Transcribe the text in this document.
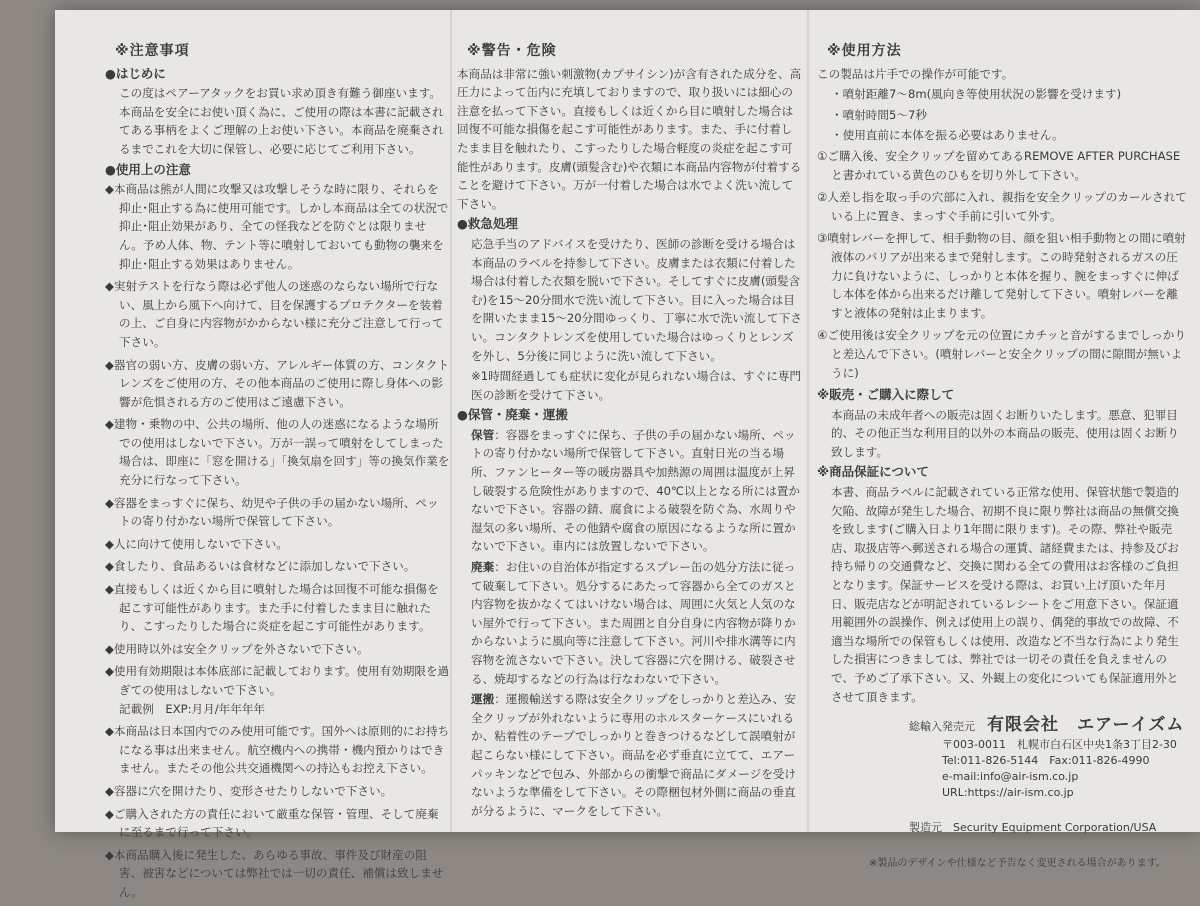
※注意事項
●はじめに
この度はペアーアタックをお買い求め頂き有難う御座います。本商品を安全にお使い頂く為に、ご使用の際は本書に記載されてある事柄をよくご理解の上お使い下さい。本商品を廃棄されるまでこれを大切に保管し、必要に応じてご利用下さい。
●使用上の注意
◆本商品は熊が人間に攻撃又は攻撃しそうな時に限り、それらを抑止･阻止する為に使用可能です。しかし本商品は全ての状況で抑止･阻止効果があり、全ての怪我などを防ぐとは限りません。予め人体、物、テント等に噴射しておいても動物の襲来を抑止･阻止する効果はありません。
◆実射テストを行なう際は必ず他人の迷惑のならない場所で行ない、風上から風下へ向けて、目を保護するプロテクターを装着の上、ご自身に内容物がかからない様に充分ご注意して行って下さい。
◆器官の弱い方、皮膚の弱い方、アレルギー体質の方、コンタクトレンズをご使用の方、その他本商品のご使用に際し身体への影響が危惧される方のご使用はご遠慮下さい。
◆建物・乗物の中、公共の場所、他の人の迷惑になるような場所での使用はしないで下さい。万が一誤って噴射をしてしまった場合は、即座に「窓を開ける」「換気扇を回す」等の換気作業を充分に行なって下さい。
◆容器をまっすぐに保ち、幼児や子供の手の届かない場所、ペットの寄り付かない場所で保管して下さい。
◆人に向けて使用しないで下さい。
◆食したり、食品あるいは食材などに添加しないで下さい。
◆直接もしくは近くから目に噴射した場合は回復不可能な損傷を起こす可能性があります。また手に付着したまま目に触れたり、こすったりした場合に炎症を起こす可能性があります。
◆使用時以外は安全クリップを外さないで下さい。
◆使用有効期限は本体底部に記載しております。使用有効期限を過ぎての使用はしないで下さい。
記載例　EXP:月月/年年年年
◆本商品は日本国内でのみ使用可能です。国外へは原則的にお持ちになる事は出来ません。航空機内への携帯・機内預かりはできません。またその他公共交通機関への持込もお控え下さい。
◆容器に穴を開けたり、変形させたりしないで下さい。
◆ご購入された方の責任において厳重な保管・管理、そして廃棄に至るまで行って下さい。
◆本商品購入後に発生した、あらゆる事故、事件及び財産の阻害、被害などについては弊社では一切の責任、補償は致しません。
※警告・危険
本商品は非常に強い刺激物(カプサイシン)が含有された成分を、高圧力によって缶内に充填しておりますので、取り扱いには細心の注意を払って下さい。直接もしくは近くから目に噴射した場合は回復不可能な損傷を起こす可能性があります。また、手に付着したまま目を触れたり、こすったりした場合軽度の炎症を起こす可能性があります。皮膚(頭髪含む)や衣類に本商品内容物が付着することを避けて下さい。万が一付着した場合は水でよく洗い流して下さい。
●救急処理
応急手当のアドバイスを受けたり、医師の診断を受ける場合は本商品のラベルを持参して下さい。皮膚または衣類に付着した場合は付着した衣類を脱いで下さい。そしてすぐに皮膚(頭髪含む)を15～20分間水で洗い流して下さい。目に入った場合は目を開いたまま15～20分間ゆっくり、丁寧に水で洗い流して下さい。コンタクトレンズを使用していた場合はゆっくりとレンズを外し、5分後に同じように洗い流して下さい。
※1時間経過しても症状に変化が見られない場合は、すぐに専門医の診断を受けて下さい。
●保管・廃棄・運搬
保管：容器をまっすぐに保ち、子供の手の届かない場所、ペットの寄り付かない場所で保管して下さい。直射日光の当る場所、ファンヒーター等の暖房器具や加熱源の周囲は温度が上昇し破裂する危険性がありますので、40℃以上となる所には置かないで下さい。容器の錆、腐食による破裂を防ぐ為、水周りや湿気の多い場所、その他錆や腐食の原因になるような所に置かないで下さい。車内には放置しないで下さい。
廃棄：お住いの自治体が指定するスプレー缶の処分方法に従って破棄して下さい。処分するにあたって容器から全てのガスと内容物を抜かなくてはいけない場合は、周囲に火気と人気のない屋外で行って下さい。また周囲と自分自身に内容物が降りかからないように風向等に注意して下さい。河川や排水溝等に内容物を流さないで下さい。決して容器に穴を開ける、破裂させる、焼却するなどの行為は行なわないで下さい。
運搬：運搬輸送する際は安全クリップをしっかりと差込み、安全クリップが外れないように専用のホルスターケースにいれるか、粘着性のテープでしっかりと巻きつけるなどして誤噴射が起こらない様にして下さい。商品を必ず垂直に立てて、エアーパッキンなどで包み、外部からの衝撃で商品にダメージを受けないような準備をして下さい。その際梱包材外側に商品の垂直が分るように、マークをして下さい。
※使用方法
この製品は片手での操作が可能です。
・噴射距離7～8m(風向き等使用状況の影響を受けます)
・噴射時間5～7秒
・使用直前に本体を振る必要はありません。
①ご購入後、安全クリップを留めてあるREMOVE AFTER PURCHASEと書かれている黄色のひもを切り外して下さい。
②人差し指を取っ手の穴部に入れ、親指を安全クリップのカールされている上に置き、まっすぐ手前に引いて外す。
③噴射レバーを押して、相手動物の目、顔を狙い相手動物との間に噴射液体のバリアが出来るまで発射します。この時発射されるガスの圧力に負けないように、しっかりと本体を握り、腕をまっすぐに伸ばし本体を体から出来るだけ離して発射して下さい。噴射レバーを離すと液体の発射は止まります。
④ご使用後は安全クリップを元の位置にカチッと音がするまでしっかりと差込んで下さい。(噴射レバーと安全クリップの間に隙間が無いように)
※販売・ご購入に際して
本商品の未成年者への販売は固くお断りいたします。悪意、犯罪目的、その他正当な利用目的以外の本商品の販売、使用は固くお断り致します。
※商品保証について
本書、商品ラベルに記載されている正常な使用、保管状態で製造的欠陥、故障が発生した場合、初期不良に限り弊社は商品の無償交換を致します(ご購入日より1年間に限ります)。その際、弊社や販売店、取扱店等へ郵送される場合の運賃、諸経費または、持参及びお持ち帰りの交通費など、交換に関わる全ての費用はお客様のご負担となります。保証サービスを受ける際は、お買い上げ頂いた年月日、販売店などが明記されているレシートをご用意下さい。保証適用範囲外の誤操作、例えば使用上の誤り、偶発的事故での故障、不適当な場所での保管もしくは使用、改造など不当な行為により発生した損害につきましては、弊社では一切その責任を負えませんので、予めご了承下さい。又、外観上の変化についても保証適用外とさせて頂きます。
総輸入発売元 有限会社　エアーイズム
〒003-0011　札幌市白石区中央1条3丁目2-30
Tel:011-826-5144　Fax:011-826-4990
e-mail:info@air-ism.co.jp
URL:https://air-ism.co.jp
製造元　Security Equipment Corporation/USA
※製品のデザインや仕様など予告なく変更される場合があります。
